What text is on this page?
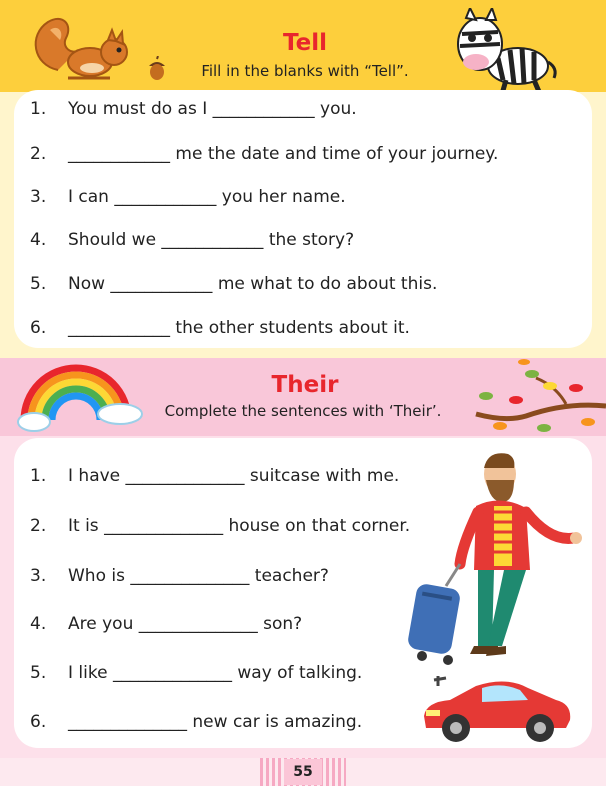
Tell
Fill in the blanks with “Tell”.
1. You must do as I ____________ you.
2. ____________ me the date and time of your journey.
3. I can ____________ you her name.
4. Should we ____________ the story?
5. Now ____________ me what to do about this.
6. ____________ the other students about it.
Their
Complete the sentences with ‘Their’.
1. I have ______________ suitcase with me.
2. It is ______________ house on that corner.
3. Who is ______________ teacher?
4. Are you ______________ son?
5. I like ______________ way of talking.
6. ______________ new car is amazing.
55
